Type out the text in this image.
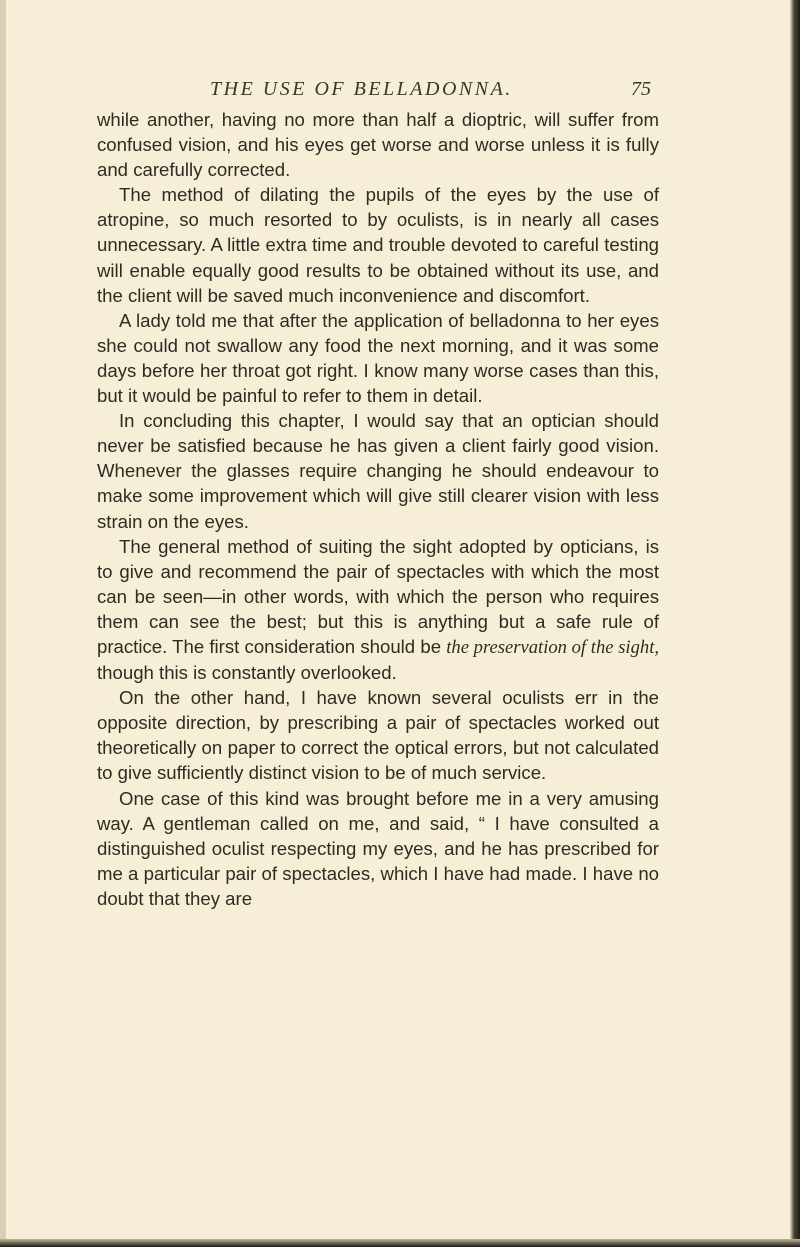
THE USE OF BELLADONNA.	75

while another, having no more than half a dioptric, will suffer from confused vision, and his eyes get worse and worse unless it is fully and carefully corrected.

The method of dilating the pupils of the eyes by the use of atropine, so much resorted to by oculists, is in nearly all cases unnecessary. A little extra time and trouble devoted to careful testing will enable equally good results to be obtained without its use, and the client will be saved much inconvenience and discomfort.

A lady told me that after the application of belladonna to her eyes she could not swallow any food the next morning, and it was some days before her throat got right. I know many worse cases than this, but it would be painful to refer to them in detail.

In concluding this chapter, I would say that an optician should never be satisfied because he has given a client fairly good vision. Whenever the glasses require changing he should endeavour to make some improvement which will give still clearer vision with less strain on the eyes.

The general method of suiting the sight adopted by opticians, is to give and recommend the pair of spectacles with which the most can be seen—in other words, with which the person who requires them can see the best; but this is anything but a safe rule of practice. The first consideration should be the preservation of the sight, though this is constantly overlooked.

On the other hand, I have known several oculists err in the opposite direction, by prescribing a pair of spectacles worked out theoretically on paper to correct the optical errors, but not calculated to give sufficiently distinct vision to be of much service.

One case of this kind was brought before me in a very amusing way. A gentleman called on me, and said, “ I have consulted a distinguished oculist respecting my eyes, and he has prescribed for me a particular pair of spectacles, which I have had made. I have no doubt that they are
